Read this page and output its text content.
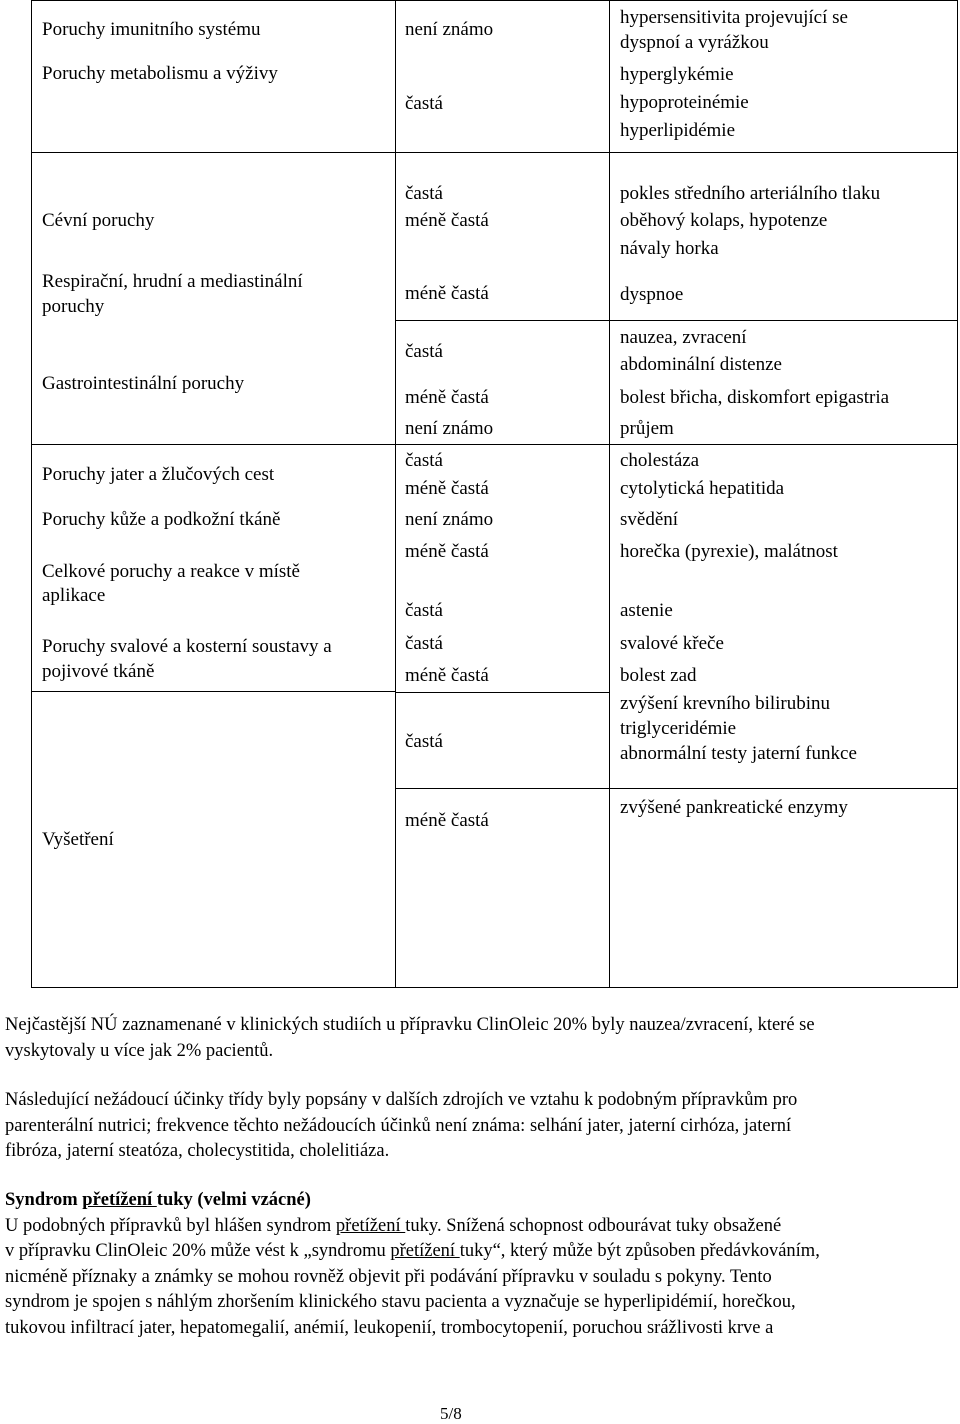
Poruchy imunitního systému
Poruchy metabolismu a výživy
Cévní poruchy
Respirační, hrudní a mediastinální
poruchy
Gastrointestinální poruchy
Poruchy jater a žlučových cest
Poruchy kůže a podkožní tkáně
Celkové poruchy a reakce v místě
aplikace
Poruchy svalové a kosterní soustavy a
pojivové tkáně
Vyšetření
není známo
častá
častá
méně častá
méně častá
častá
méně častá
není známo
častá
méně častá
není známo
méně častá
častá
častá
méně častá
častá
méně častá
hypersensitivita projevující se
dyspnoí a vyrážkou
hyperglykémie
hypoproteinémie
hyperlipidémie
pokles středního arteriálního tlaku
oběhový kolaps, hypotenze
návaly horka
dyspnoe
nauzea, zvracení
abdominální distenze
bolest břicha, diskomfort epigastria
průjem
cholestáza
cytolytická hepatitida
svědění
horečka (pyrexie), malátnost
astenie
svalové křeče
bolest zad
zvýšení krevního bilirubinu
triglyceridémie
abnormální testy jaterní funkce
zvýšené pankreatické enzymy
Nejčastější NÚ zaznamenané v klinických studiích u přípravku ClinOleic 20% byly nauzea/zvracení, které se
vyskytovaly u více jak 2% pacientů.
Následující nežádoucí účinky třídy byly popsány v dalších zdrojích ve vztahu k podobným přípravkům pro
parenterální nutrici; frekvence těchto nežádoucích účinků není známa: selhání jater, jaterní cirhóza, jaterní
fibróza, jaterní steatóza, cholecystitida, cholelitiáza.
Syndrom přetížení tuky (velmi vzácné)
U podobných přípravků byl hlášen syndrom přetížení tuky. Snížená schopnost odbourávat tuky obsažené
v přípravku ClinOleic 20% může vést k „syndromu přetížení tuky“, který může být způsoben předávkováním,
nicméně příznaky a známky se mohou rovněž objevit při podávání přípravku v souladu s pokyny. Tento
syndrom je spojen s náhlým zhoršením klinického stavu pacienta a vyznačuje se hyperlipidémií, horečkou,
tukovou infiltrací jater, hepatomegalií, anémií, leukopenií, trombocytopenií, poruchou srážlivosti krve a
5/8
